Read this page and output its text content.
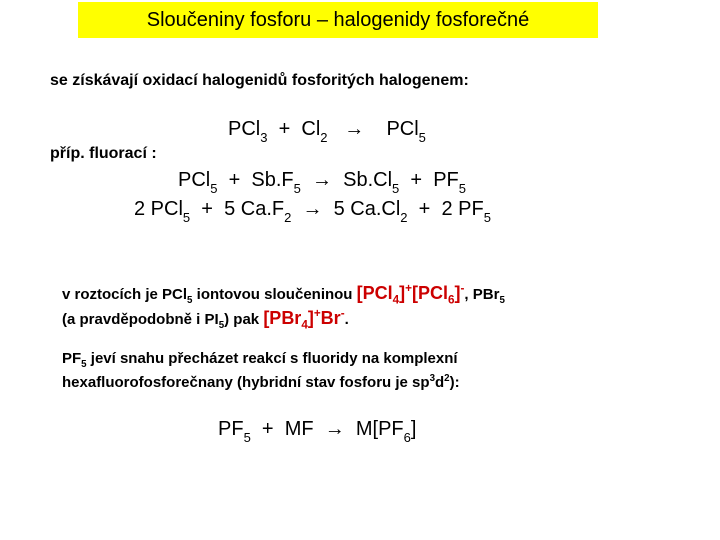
Sloučeniny fosforu – halogenidy fosforečné
se získávají oxidací halogenidů fosforitých halogenem:
$PCl_3 + Cl_2 \to PCl_5$
příp. fluorací :
$PCl_5 + Sb.F_5 \to Sb.Cl_5 + PF_5$
2 PCl$_5$ + 5 $Ca.F_2 \to 5$ $Ca.Cl_2 + 2$ $PF_5$
v roztocích je PCl$_5$ iontovou sloučeninou [PCl$_4$]+[PCl$_6$]-, PBr$_5$
(a pravděpodobně i $PI_5$) pak [PBr$_4$]+Br-.
$PF_5$ jeví snahu přecházet reakcí s fluoridy na komplexní
hexafluorofosforečnany (hybridní stav fosforu je $sp^3d^2$):
$PF_5$ + MF → $M[PF_6]$
